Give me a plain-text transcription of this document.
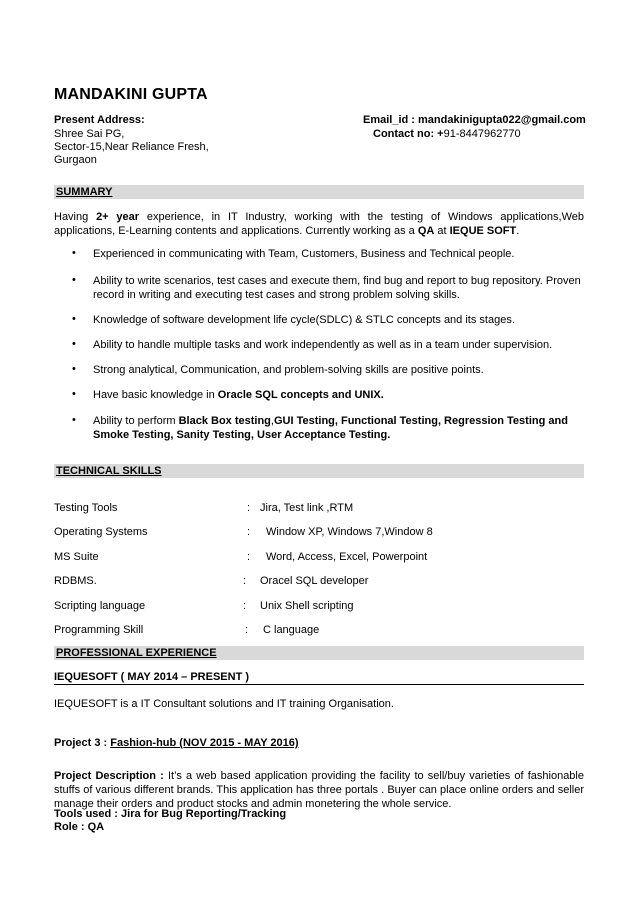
MANDAKINI GUPTA
Present Address:
Shree Sai PG,
Sector-15,Near Reliance Fresh,
Gurgaon
Email_id : mandakinigupta022@gmail.com
Contact no: +91-8447962770
SUMMARY
Having 2+ year experience, in IT Industry, working with the testing of Windows applications,Web applications, E-Learning contents and applications. Currently working as a QA at IEQUE SOFT.
• Experienced in communicating with Team, Customers, Business and Technical people.
• Ability to write scenarios, test cases and execute them, find bug and report to bug repository. Proven record in writing and executing test cases and strong problem solving skills.
• Knowledge of software development life cycle(SDLC) & STLC concepts and its stages.
• Ability to handle multiple tasks and work independently as well as in a team under supervision.
• Strong analytical, Communication, and problem-solving skills are positive points.
• Have basic knowledge in Oracle SQL concepts and UNIX.
• Ability to perform Black Box testing,GUI Testing, Functional Testing, Regression Testing and Smoke Testing, Sanity Testing, User Acceptance Testing.
TECHNICAL SKILLS
Testing Tools	: Jira, Test link ,RTM
Operating Systems	: Window XP, Windows 7,Window 8
MS Suite	: Word, Access, Excel, Powerpoint
RDBMS.	: Oracel SQL developer
Scripting language	: Unix Shell scripting
Programming Skill	: C language
PROFESSIONAL EXPERIENCE
IEQUESOFT ( MAY 2014 – PRESENT )
IEQUESOFT is a IT Consultant solutions and IT training Organisation.
Project 3 : Fashion-hub (NOV 2015 - MAY 2016)
Project Description : It’s a web based application providing the facility to sell/buy varieties of fashionable stuffs of various different brands. This application has three portals . Buyer can place online orders and seller manage their orders and product stocks and admin monetering the whole service.
Tools used : Jira for Bug Reporting/Tracking
Role : QA
